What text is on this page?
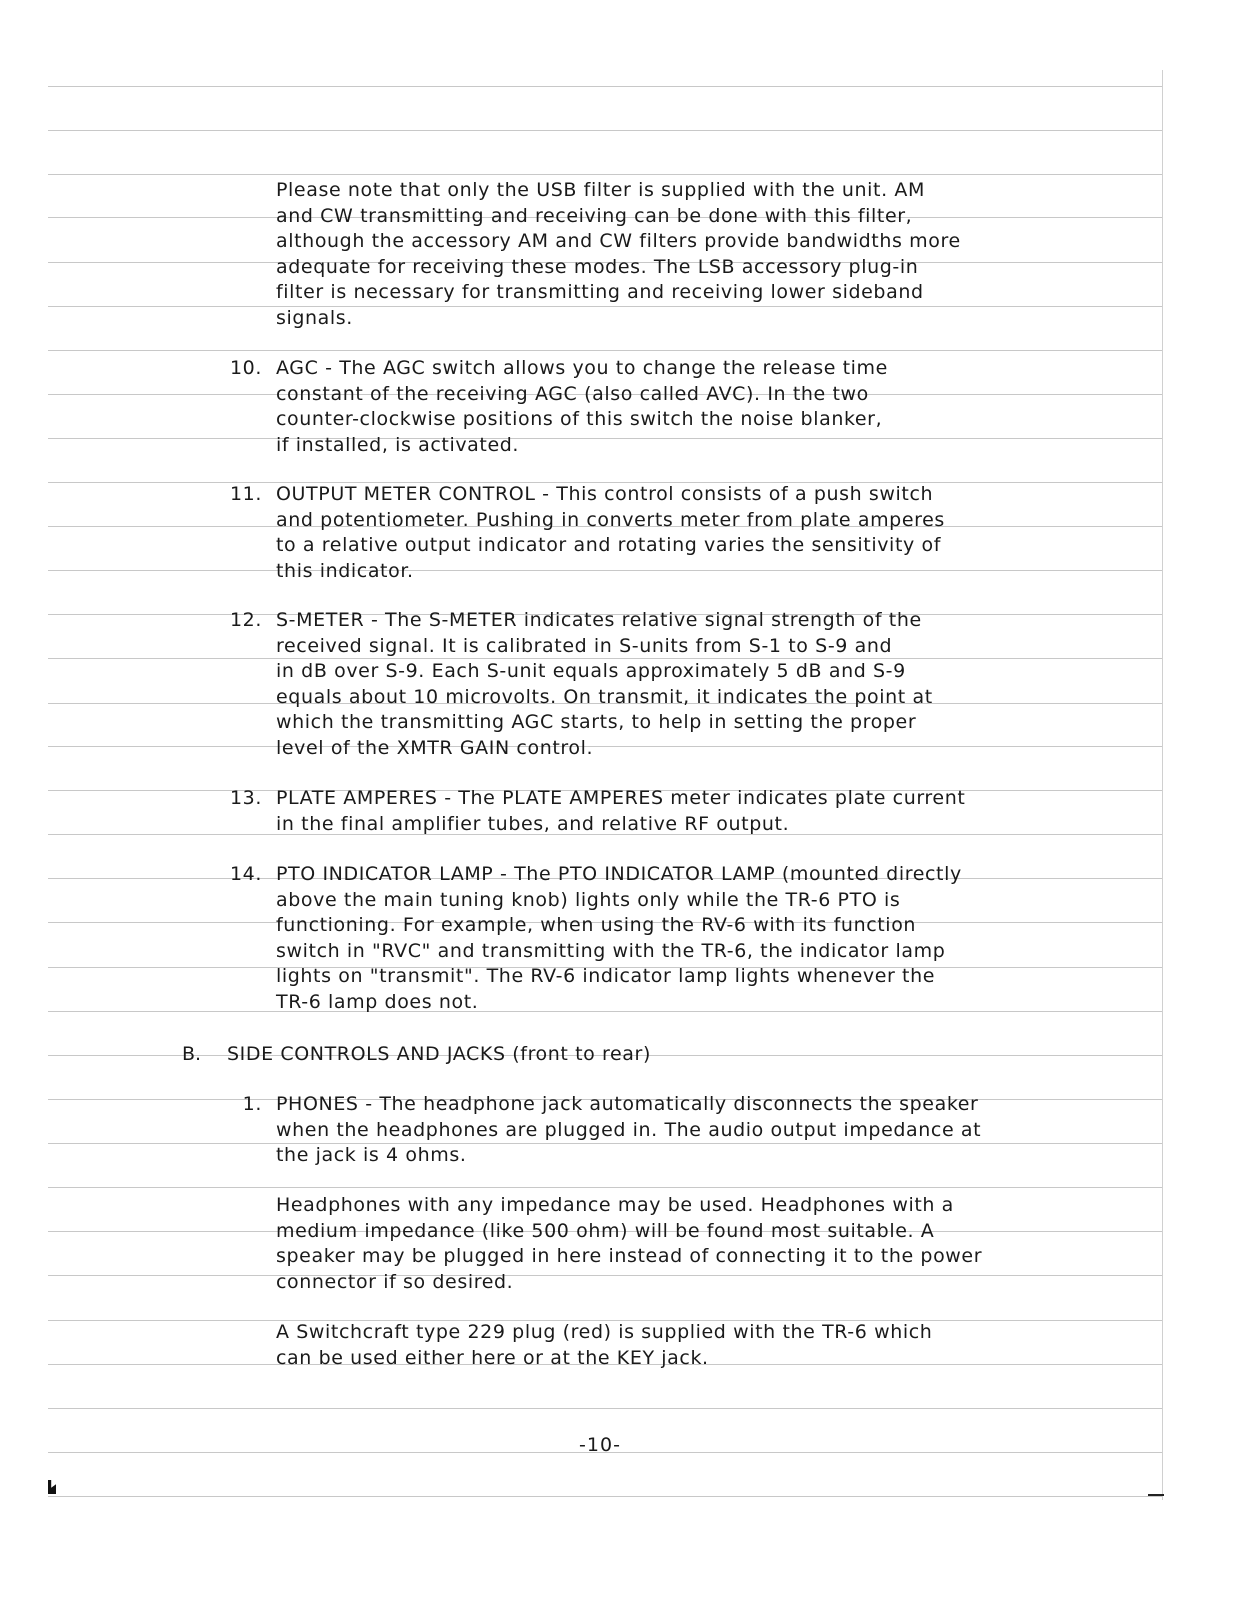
Please note that only the USB filter is supplied with the unit. AM
and CW transmitting and receiving can be done with this filter,
although the accessory AM and CW filters provide bandwidths more
adequate for receiving these modes. The LSB accessory plug-in
filter is necessary for transmitting and receiving lower sideband
signals.
10. AGC - The AGC switch allows you to change the release time
constant of the receiving AGC (also called AVC). In the two
counter-clockwise positions of this switch the noise blanker,
if installed, is activated.
11. OUTPUT METER CONTROL - This control consists of a push switch
and potentiometer. Pushing in converts meter from plate amperes
to a relative output indicator and rotating varies the sensitivity of
this indicator.
12. S-METER - The S-METER indicates relative signal strength of the
received signal. It is calibrated in S-units from S-1 to S-9 and
in dB over S-9. Each S-unit equals approximately 5 dB and S-9
equals about 10 microvolts. On transmit, it indicates the point at
which the transmitting AGC starts, to help in setting the proper
level of the XMTR GAIN control.
13. PLATE AMPERES - The PLATE AMPERES meter indicates plate current
in the final amplifier tubes, and relative RF output.
14. PTO INDICATOR LAMP - The PTO INDICATOR LAMP (mounted directly
above the main tuning knob) lights only while the TR-6 PTO is
functioning. For example, when using the RV-6 with its function
switch in "RVC" and transmitting with the TR-6, the indicator lamp
lights on "transmit". The RV-6 indicator lamp lights whenever the
TR-6 lamp does not.
B. SIDE CONTROLS AND JACKS (front to rear)
1. PHONES - The headphone jack automatically disconnects the speaker
when the headphones are plugged in. The audio output impedance at
the jack is 4 ohms.
Headphones with any impedance may be used. Headphones with a
medium impedance (like 500 ohm) will be found most suitable. A
speaker may be plugged in here instead of connecting it to the power
connector if so desired.
A Switchcraft type 229 plug (red) is supplied with the TR-6 which
can be used either here or at the KEY jack.
-10-
